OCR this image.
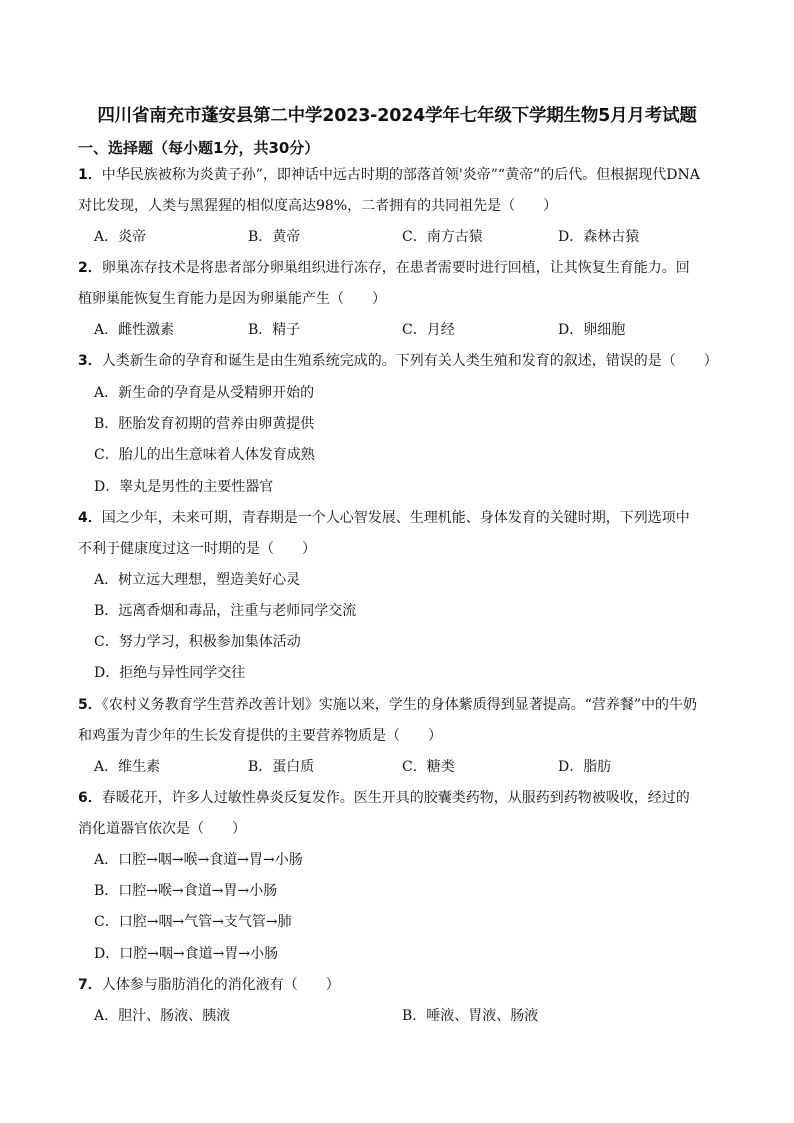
四川省南充市蓬安县第二中学2023-2024学年七年级下学期生物5月月考试题
一、选择题（每小题1分，共30分）
1．中华民族被称为炎黄子孙”，即神话中远古时期的部落首领'炎帝”“黄帝”的后代。但根据现代DNA
对比发现，人类与黑猩猩的相似度高达98%，二者拥有的共同祖先是（　　）
A．炎帝	B．黄帝	C．南方古猿	D．森林古猿
2．卵巢冻存技术是将患者部分卵巢组织进行冻存，在患者需要时进行回植，让其恢复生育能力。回
植卵巢能恢复生育能力是因为卵巢能产生（　　）
A．雌性激素	B．精子	C．月经	D．卵细胞
3．人类新生命的孕育和诞生是由生殖系统完成的。下列有关人类生殖和发育的叙述，错误的是（　　）
A．新生命的孕育是从受精卵开始的
B．胚胎发育初期的营养由卵黄提供
C．胎儿的出生意味着人体发育成熟
D．睾丸是男性的主要性器官
4．国之少年，未来可期，青春期是一个人心智发展、生理机能、身体发育的关键时期，下列选项中
不利于健康度过这一时期的是（　　）
A．树立远大理想，塑造美好心灵
B．远离香烟和毒品，注重与老师同学交流
C．努力学习，积极参加集体活动
D．拒绝与异性同学交往
5．《农村义务教育学生营养改善计划》实施以来，学生的身体紫质得到显著提高。“营养餐”中的牛奶
和鸡蛋为青少年的生长发育提供的主要营养物质是（　　）
A．维生素	B．蛋白质	C．糖类	D．脂肪
6．春暖花开，许多人过敏性鼻炎反复发作。医生开具的胶囊类药物，从服药到药物被吸收，经过的
消化道器官依次是（　　）
A．口腔→咽→喉→食道→胃→小肠
B．口腔→喉→食道→胃→小肠
C．口腔→咽→气管→支气管→肺
D．口腔→咽→食道→胃→小肠
7．人体参与脂肪消化的消化液有（　　）
A．胆汁、肠液、胰液	B．唾液、胃液、肠液
